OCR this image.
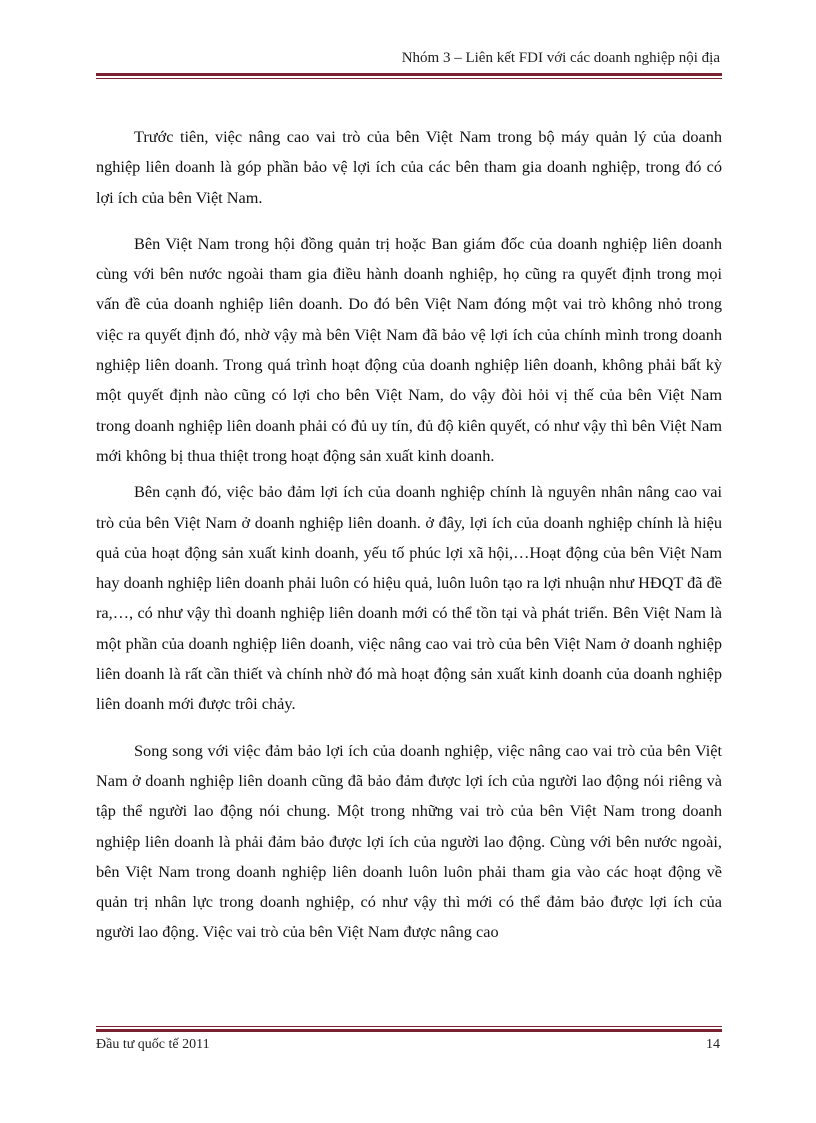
Nhóm 3 – Liên kết FDI với các doanh nghiệp nội địa

Trước tiên, việc nâng cao vai trò của bên Việt Nam trong bộ máy quản lý của doanh nghiệp liên doanh là góp phần bảo vệ lợi ích của các bên tham gia doanh nghiệp, trong đó có lợi ích của bên Việt Nam.

Bên Việt Nam trong hội đồng quản trị hoặc Ban giám đốc của doanh nghiệp liên doanh cùng với bên nước ngoài tham gia điều hành doanh nghiệp, họ cũng ra quyết định trong mọi vấn đề của doanh nghiệp liên doanh. Do đó bên Việt Nam đóng một vai trò không nhỏ trong việc ra quyết định đó, nhờ vậy mà bên Việt Nam đã bảo vệ lợi ích của chính mình trong doanh nghiệp liên doanh. Trong quá trình hoạt động của doanh nghiệp liên doanh, không phải bất kỳ một quyết định nào cũng có lợi cho bên Việt Nam, do vậy đòi hỏi vị thế của bên Việt Nam trong doanh nghiệp liên doanh phải có đủ uy tín, đủ độ kiên quyết, có như vậy thì bên Việt Nam mới không bị thua thiệt trong hoạt động sản xuất kinh doanh.

Bên cạnh đó, việc bảo đảm lợi ích của doanh nghiệp chính là nguyên nhân nâng cao vai trò của bên Việt Nam ở doanh nghiệp liên doanh. ở đây, lợi ích của doanh nghiệp chính là hiệu quả của hoạt động sản xuất kinh doanh, yếu tố phúc lợi xã hội,…Hoạt động của bên Việt Nam hay doanh nghiệp liên doanh phải luôn có hiệu quả, luôn luôn tạo ra lợi nhuận như HĐQT đã đề ra,…, có như vậy thì doanh nghiệp liên doanh mới có thể tồn tại và phát triển. Bên Việt Nam là một phần của doanh nghiệp liên doanh, việc nâng cao vai trò của bên Việt Nam ở doanh nghiệp liên doanh là rất cần thiết và chính nhờ đó mà hoạt động sản xuất kinh doanh của doanh nghiệp liên doanh mới được trôi chảy.

Song song với việc đảm bảo lợi ích của doanh nghiệp, việc nâng cao vai trò của bên Việt Nam ở doanh nghiệp liên doanh cũng đã bảo đảm được lợi ích của người lao động nói riêng và tập thể người lao động nói chung. Một trong những vai trò của bên Việt Nam trong doanh nghiệp liên doanh là phải đảm bảo được lợi ích của người lao động. Cùng với bên nước ngoài, bên Việt Nam trong doanh nghiệp liên doanh luôn luôn phải tham gia vào các hoạt động về quản trị nhân lực trong doanh nghiệp, có như vậy thì mới có thể đảm bảo được lợi ích của người lao động. Việc vai trò của bên Việt Nam được nâng cao

Đầu tư quốc tế 2011	14
